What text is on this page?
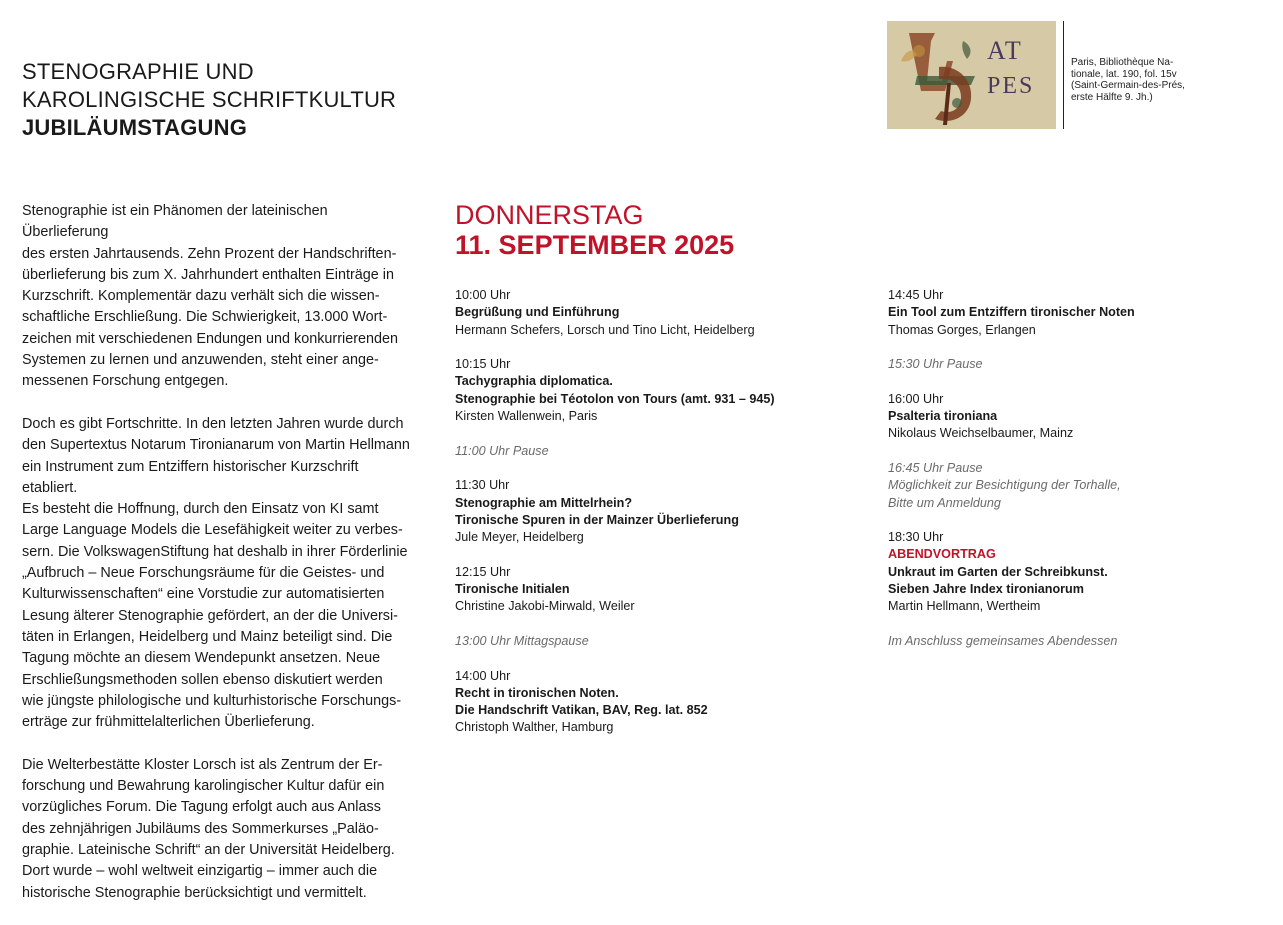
STENOGRAPHIE UND
KAROLINGISCHE SCHRIFTKULTUR
JUBILÄUMSTAGUNG
AT
PES
Paris, Bibliothèque Na-
tionale, lat. 190, fol. 15v
(Saint-Germain-des-Prés,
erste Hälfte 9. Jh.)

Stenographie ist ein Phänomen der lateinischen Überlieferung
des ersten Jahrtausends. Zehn Prozent der Handschriften-
überlieferung bis zum X. Jahrhundert enthalten Einträge in
Kurzschrift. Komplementär dazu verhält sich die wissen-
schaftliche Erschließung. Die Schwierigkeit, 13.000 Wort-
zeichen mit verschiedenen Endungen und konkurrierenden
Systemen zu lernen und anzuwenden, steht einer ange-
messenen Forschung entgegen.

Doch es gibt Fortschritte. In den letzten Jahren wurde durch
den Supertextus Notarum Tironianarum von Martin Hellmann
ein Instrument zum Entziffern historischer Kurzschrift etabliert.
Es besteht die Hoffnung, durch den Einsatz von KI samt
Large Language Models die Lesefähigkeit weiter zu verbes-
sern. Die VolkswagenStiftung hat deshalb in ihrer Förderlinie
„Aufbruch – Neue Forschungsräume für die Geistes- und
Kulturwissenschaften“ eine Vorstudie zur automatisierten
Lesung älterer Stenographie gefördert, an der die Universi-
täten in Erlangen, Heidelberg und Mainz beteiligt sind. Die
Tagung möchte an diesem Wendepunkt ansetzen. Neue
Erschließungsmethoden sollen ebenso diskutiert werden
wie jüngste philologische und kulturhistorische Forschungs-
erträge zur frühmittelalterlichen Überlieferung.

Die Welterbestätte Kloster Lorsch ist als Zentrum der Er-
forschung und Bewahrung karolingischer Kultur dafür ein
vorzügliches Forum. Die Tagung erfolgt auch aus Anlass
des zehnjährigen Jubiläums des Sommerkurses „Paläo-
graphie. Lateinische Schrift“ an der Universität Heidelberg.
Dort wurde – wohl weltweit einzigartig – immer auch die
historische Stenographie berücksichtigt und vermittelt.

DONNERSTAG
11. SEPTEMBER 2025
10:00 Uhr
Begrüßung und Einführung
Hermann Schefers, Lorsch und Tino Licht, Heidelberg
10:15 Uhr
Tachygraphia diplomatica.
Stenographie bei Téotolon von Tours (amt. 931 – 945)
Kirsten Wallenwein, Paris
11:00 Uhr Pause
11:30 Uhr
Stenographie am Mittelrhein?
Tironische Spuren in der Mainzer Überlieferung
Jule Meyer, Heidelberg
12:15 Uhr
Tironische Initialen
Christine Jakobi-Mirwald, Weiler
13:00 Uhr Mittagspause
14:00 Uhr
Recht in tironischen Noten.
Die Handschrift Vatikan, BAV, Reg. lat. 852
Christoph Walther, Hamburg
14:45 Uhr
Ein Tool zum Entziffern tironischer Noten
Thomas Gorges, Erlangen
15:30 Uhr Pause
16:00 Uhr
Psalteria tironiana
Nikolaus Weichselbaumer, Mainz
16:45 Uhr Pause
Möglichkeit zur Besichtigung der Torhalle,
Bitte um Anmeldung
18:30 Uhr
ABENDVORTRAG
Unkraut im Garten der Schreibkunst.
Sieben Jahre Index tironianorum
Martin Hellmann, Wertheim
Im Anschluss gemeinsames Abendessen
